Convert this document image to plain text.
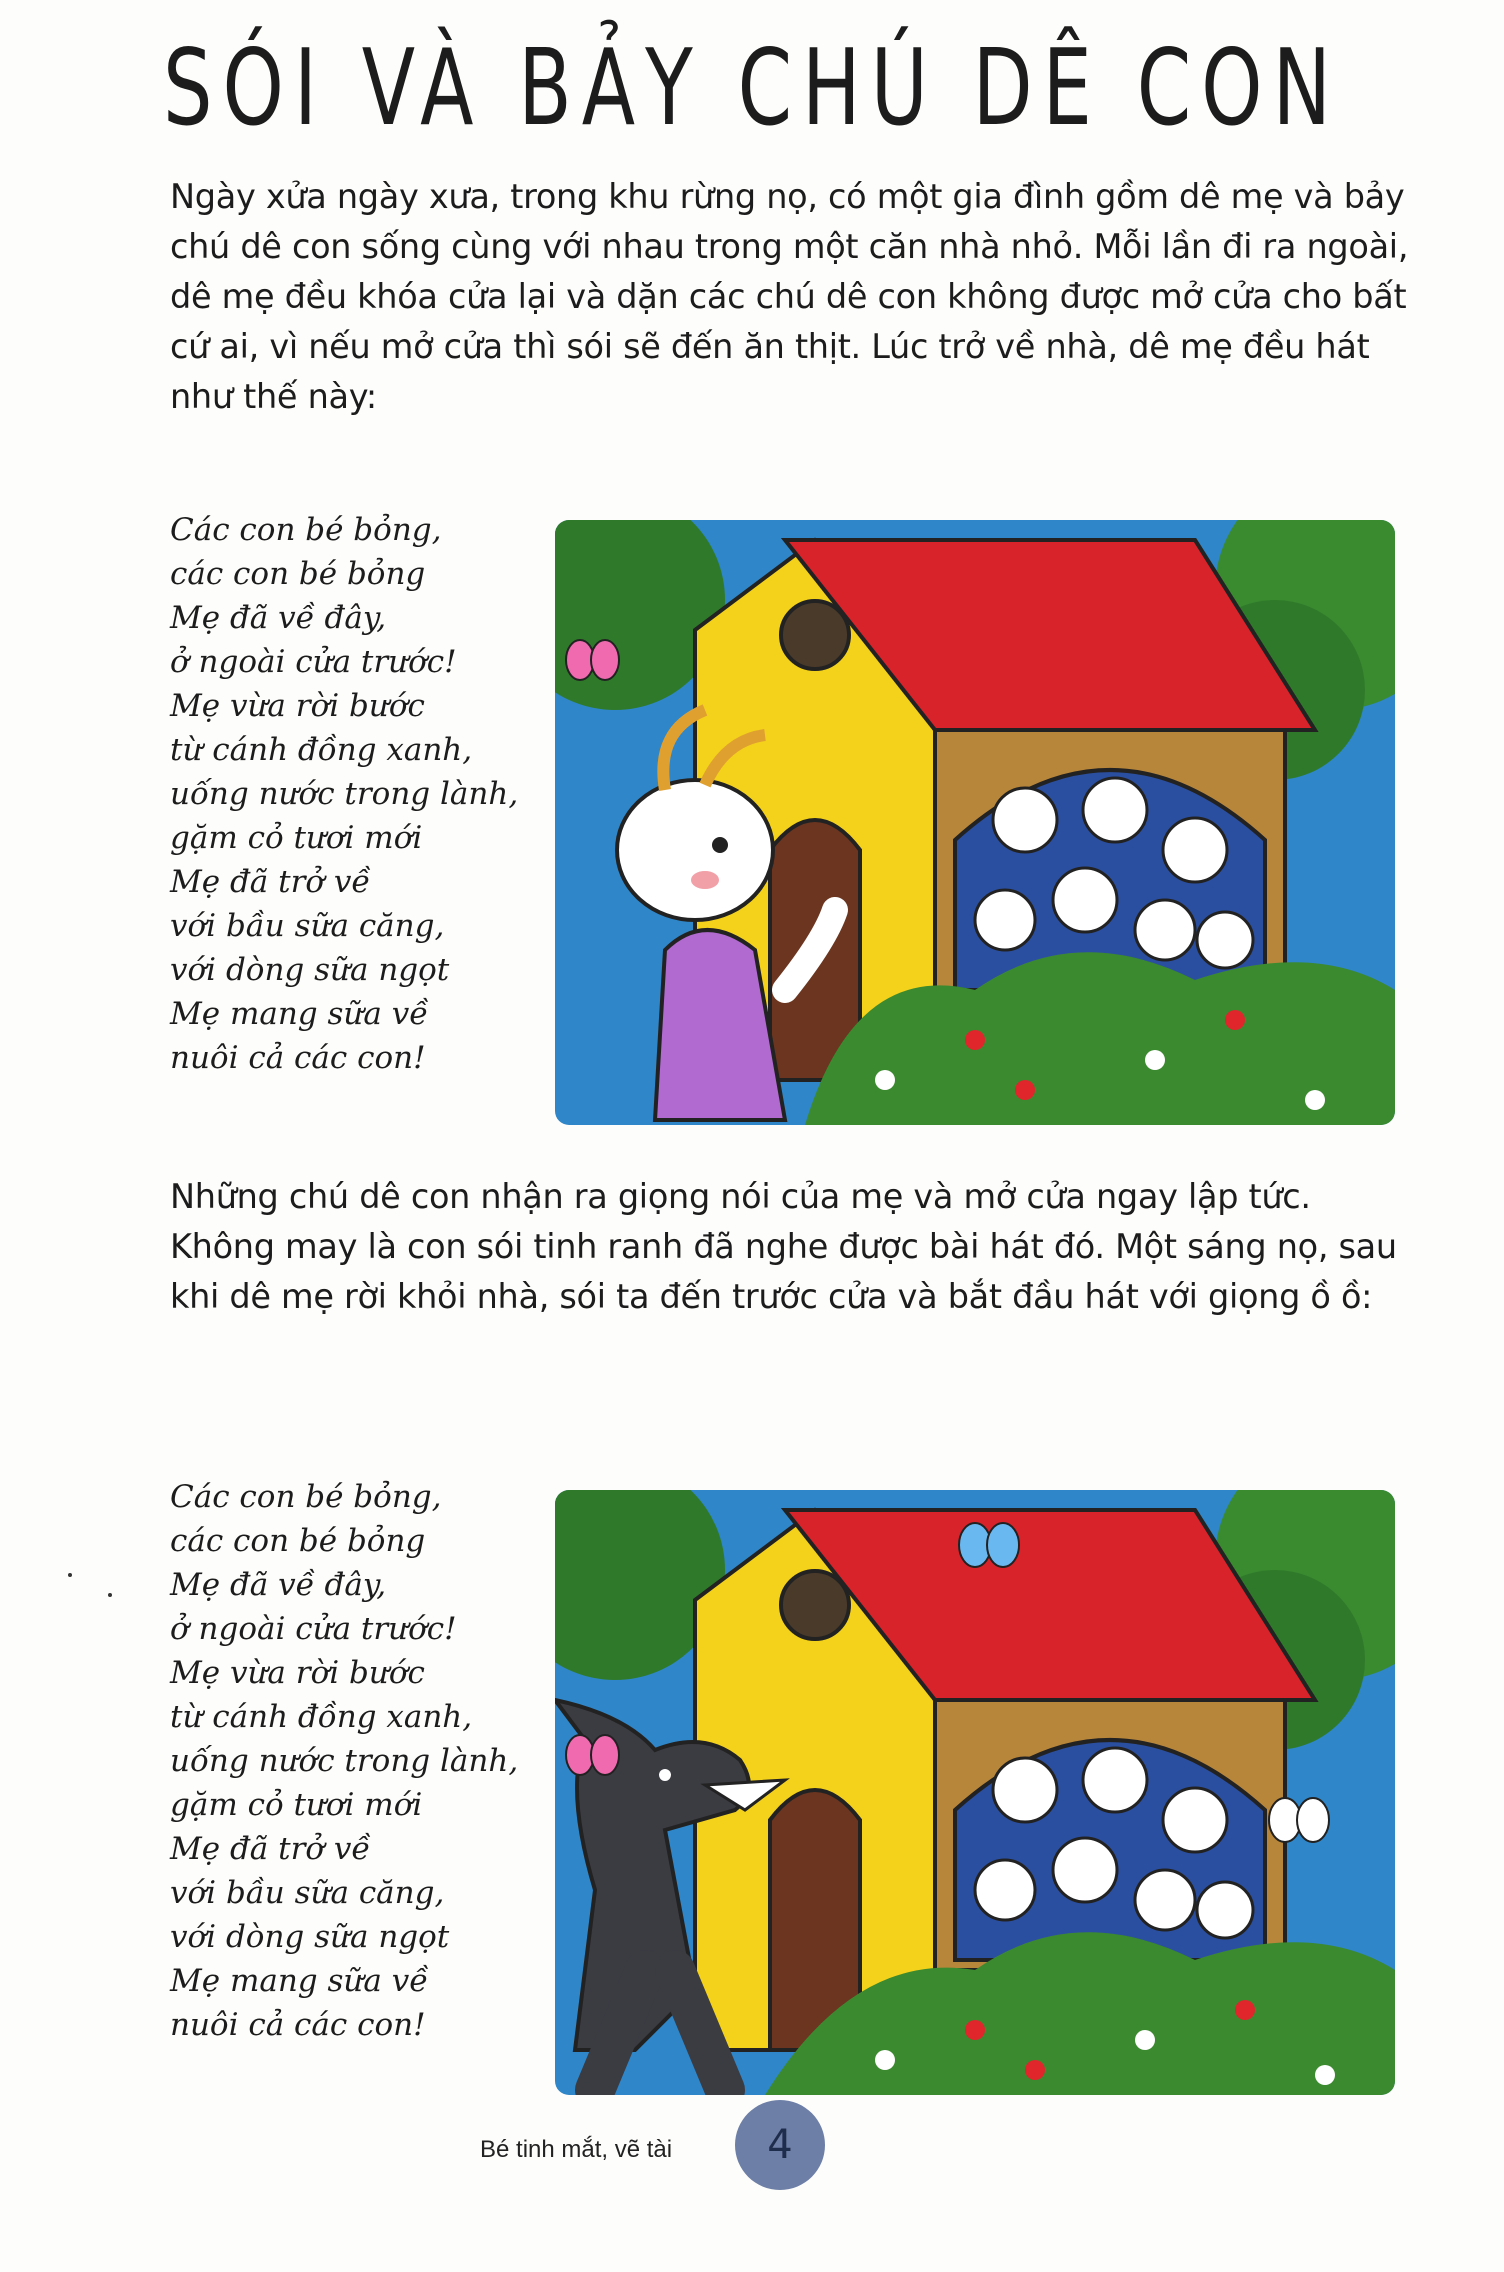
SÓI VÀ BẢY CHÚ DÊ CON

Ngày xửa ngày xưa, trong khu rừng nọ, có một gia đình gồm dê mẹ và bảy chú dê con sống cùng với nhau trong một căn nhà nhỏ. Mỗi lần đi ra ngoài, dê mẹ đều khóa cửa lại và dặn các chú dê con không được mở cửa cho bất cứ ai, vì nếu mở cửa thì sói sẽ đến ăn thịt. Lúc trở về nhà, dê mẹ đều hát như thế này:

Các con bé bỏng,
các con bé bỏng
Mẹ đã về đây,
ở ngoài cửa trước!
Mẹ vừa rời bước
từ cánh đồng xanh,
uống nước trong lành,
gặm cỏ tươi mới
Mẹ đã trở về
với bầu sữa căng,
với dòng sữa ngọt
Mẹ mang sữa về
nuôi cả các con!

Những chú dê con nhận ra giọng nói của mẹ và mở cửa ngay lập tức. Không may là con sói tinh ranh đã nghe được bài hát đó. Một sáng nọ, sau khi dê mẹ rời khỏi nhà, sói ta đến trước cửa và bắt đầu hát với giọng ồ ồ:

Các con bé bỏng,
các con bé bỏng
Mẹ đã về đây,
ở ngoài cửa trước!
Mẹ vừa rời bước
từ cánh đồng xanh,
uống nước trong lành,
gặm cỏ tươi mới
Mẹ đã trở về
với bầu sữa căng,
với dòng sữa ngọt
Mẹ mang sữa về
nuôi cả các con!
Bé tinh mắt, vẽ tài 4
